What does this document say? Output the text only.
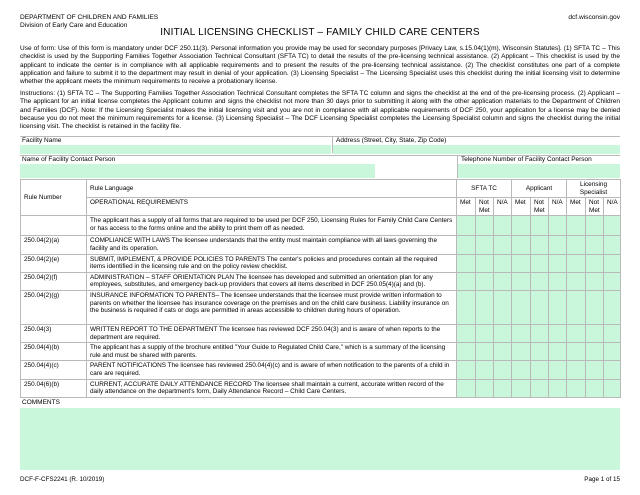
DEPARTMENT OF CHILDREN AND FAMILIES
Division of Early Care and Education
dcf.wisconsin.gov
INITIAL LICENSING CHECKLIST – FAMILY CHILD CARE CENTERS
Use of form: Use of this form is mandatory under DCF 250.11(3). Personal information you provide may be used for secondary purposes [Privacy Law, s.15.04(1)(m), Wisconsin Statutes]. (1) SFTA TC – This checklist is used by the Supporting Families Together Association Technical Consultant (SFTA TC) to detail the results of the pre-licensing technical assistance. (2) Applicant – This checklist is used by the applicant to indicate the center is in compliance with all applicable requirements and to present the results of the pre-licensing technical assistance. (2) The checklist constitutes one part of a complete application and failure to submit it to the department may result in denial of your application. (3) Licensing Specialist – The Licensing Specialist uses this checklist during the initial licensing visit to determine whether the applicant meets the minimum requirements to receive a probationary license.
Instructions: (1) SFTA TC – The Supporting Families Together Association Technical Consultant completes the SFTA TC column and signs the checklist at the end of the pre-licensing process. (2) Applicant – The applicant for an initial license completes the Applicant column and signs the checklist not more than 30 days prior to submitting it along with the other application materials to the Department of Children and Families (DCF). Note: If the Licensing Specialist makes the initial licensing visit and you are not in compliance with all applicable requirements of DCF 250, your application for a license may be denied because you do not meet the minimum requirements for a license. (3) Licensing Specialist – The DCF Licensing Specialist completes the Licensing Specialist column and signs the checklist during the initial licensing visit. The checklist is retained in the facility file.
Facility Name	Address (Street, City, State, Zip Code)
Name of Facility Contact Person	Telephone Number of Facility Contact Person
Rule Number	Rule Language	SFTA TC			Applicant			Licensing Specialist		
	OPERATIONAL REQUIREMENTS	Met	Not Met	N/A	Met	Not Met	N/A	Met	Not Met	N/A
	The applicant has a supply of all forms that are required to be used per DCF 250, Licensing Rules for Family Child Care Centers or has access to the forms online and the ability to print them off as needed.									
250.04(2)(a)	COMPLIANCE WITH LAWS The licensee understands that the entity must maintain compliance with all laws governing the facility and its operation.									
250.04(2)(e)	SUBMIT, IMPLEMENT, & PROVIDE POLICIES TO PARENTS The center's policies and procedures contain all the required items identified in the licensing rule and on the policy review checklist.									
250.04(2)(f)	ADMINISTRATION – STAFF ORIENTATION PLAN The licensee has developed and submitted an orientation plan for any employees, substitutes, and emergency back-up providers that covers all items described in DCF 250.05(4)(a) and (b).									
250.04(2)(g)	INSURANCE INFORMATION TO PARENTS– The licensee understands that the licensee must provide written information to parents on whether the licensee has insurance coverage on the premises and on the child care business. Liability insurance on the business is required if cats or dogs are permitted in areas accessible to children during hours of operation.									
250.04(3)	WRITTEN REPORT TO THE DEPARTMENT The licensee has reviewed DCF 250.04(3) and is aware of when reports to the department are required.									
250.04(4)(b)	The applicant has a supply of the brochure entitled "Your Guide to Regulated Child Care," which is a summary of the licensing rule and must be shared with parents.									
250.04(4)(c)	PARENT NOTIFICATIONS The licensee has reviewed 250.04(4)(c) and is aware of when notification to the parents of a child in care are required.									
250.04(6)(b)	CURRENT, ACCURATE DAILY ATTENDANCE RECORD The licensee shall maintain a current, accurate written record of the daily attendance on the department's form, Daily Attendance Record – Child Care Centers.									
COMMENTS
DCF-F-CFS2241 (R. 10/2019)	Page 1 of 15
